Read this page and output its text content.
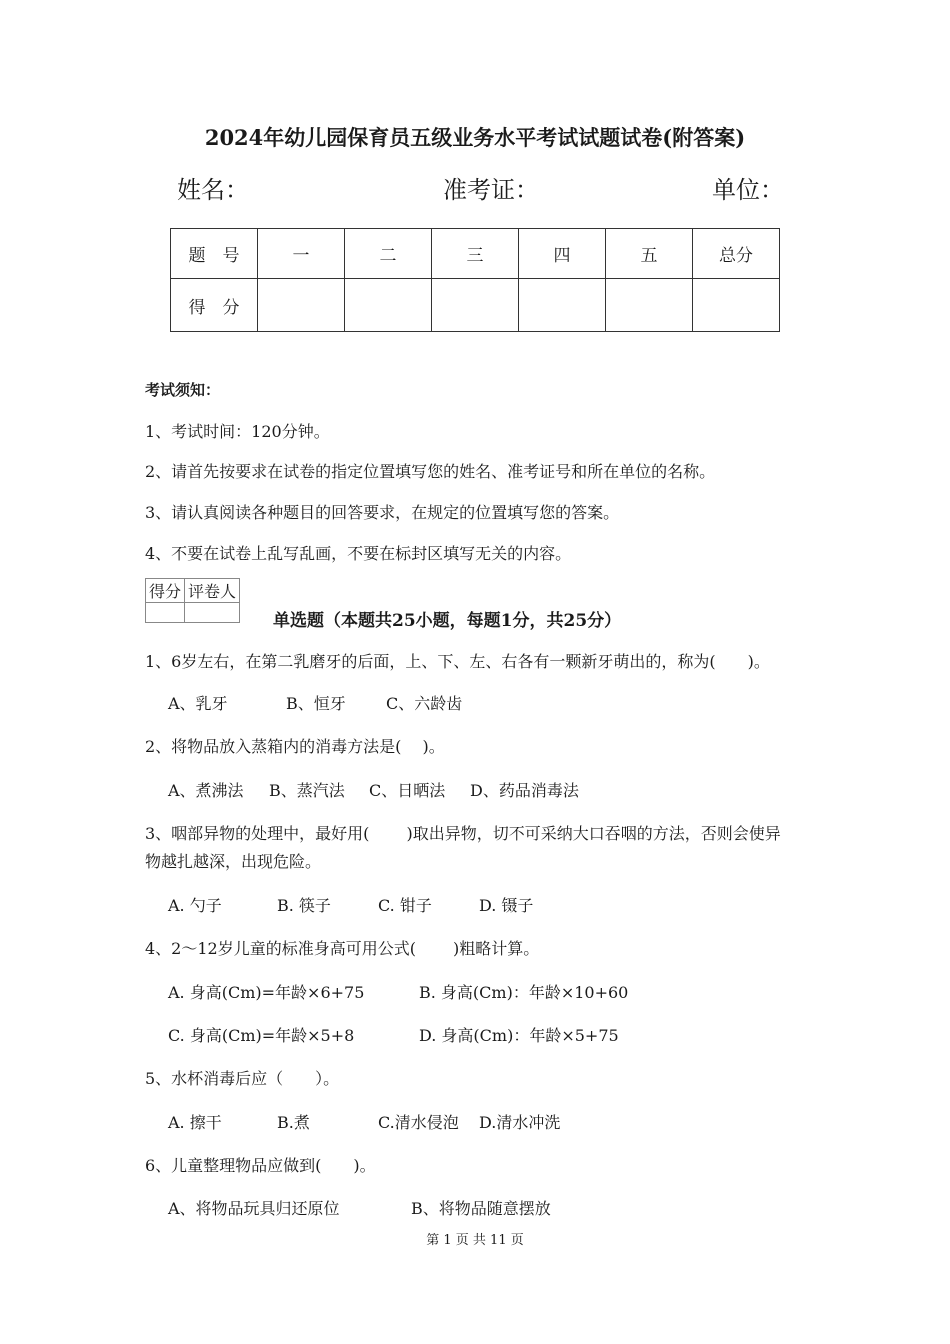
2024年幼儿园保育员五级业务水平考试试题试卷(附答案)
姓名：	准考证：	单位：
题　号	一	二	三	四	五	总分
得　分						
考试须知：
1、考试时间：120分钟。
2、请首先按要求在试卷的指定位置填写您的姓名、准考证号和所在单位的名称。
3、请认真阅读各种题目的回答要求，在规定的位置填写您的答案。
4、不要在试卷上乱写乱画，不要在标封区填写无关的内容。
得分	评卷人

单选题（本题共25小题，每题1分，共25分）
1、6岁左右，在第二乳磨牙的后面，上、下、左、右各有一颗新牙萌出的，称为(　　)。
A、乳牙	B、恒牙	C、六龄齿
2、将物品放入蒸箱内的消毒方法是(　 )。
A、煮沸法 B、蒸汽法 C、日晒法 D、药品消毒法
3、咽部异物的处理中，最好用(　　 )取出异物，切不可采纳大口吞咽的方法，否则会使异
物越扎越深，出现危险。
A. 勺子	B. 筷子	C. 钳子	D. 镊子
4、2～12岁儿童的标准身高可用公式(　　 )粗略计算。
A. 身高(Cm)=年龄×6+75	B. 身高(Cm)：年龄×10+60
C. 身高(Cm)=年龄×5+8	D. 身高(Cm)：年龄×5+75
5、水杯消毒后应（　　）。
A. 擦干	B.煮	C.清水侵泡 D.清水冲洗
6、儿童整理物品应做到(　　)。
A、将物品玩具归还原位	B、将物品随意摆放
第 1 页 共 11 页
